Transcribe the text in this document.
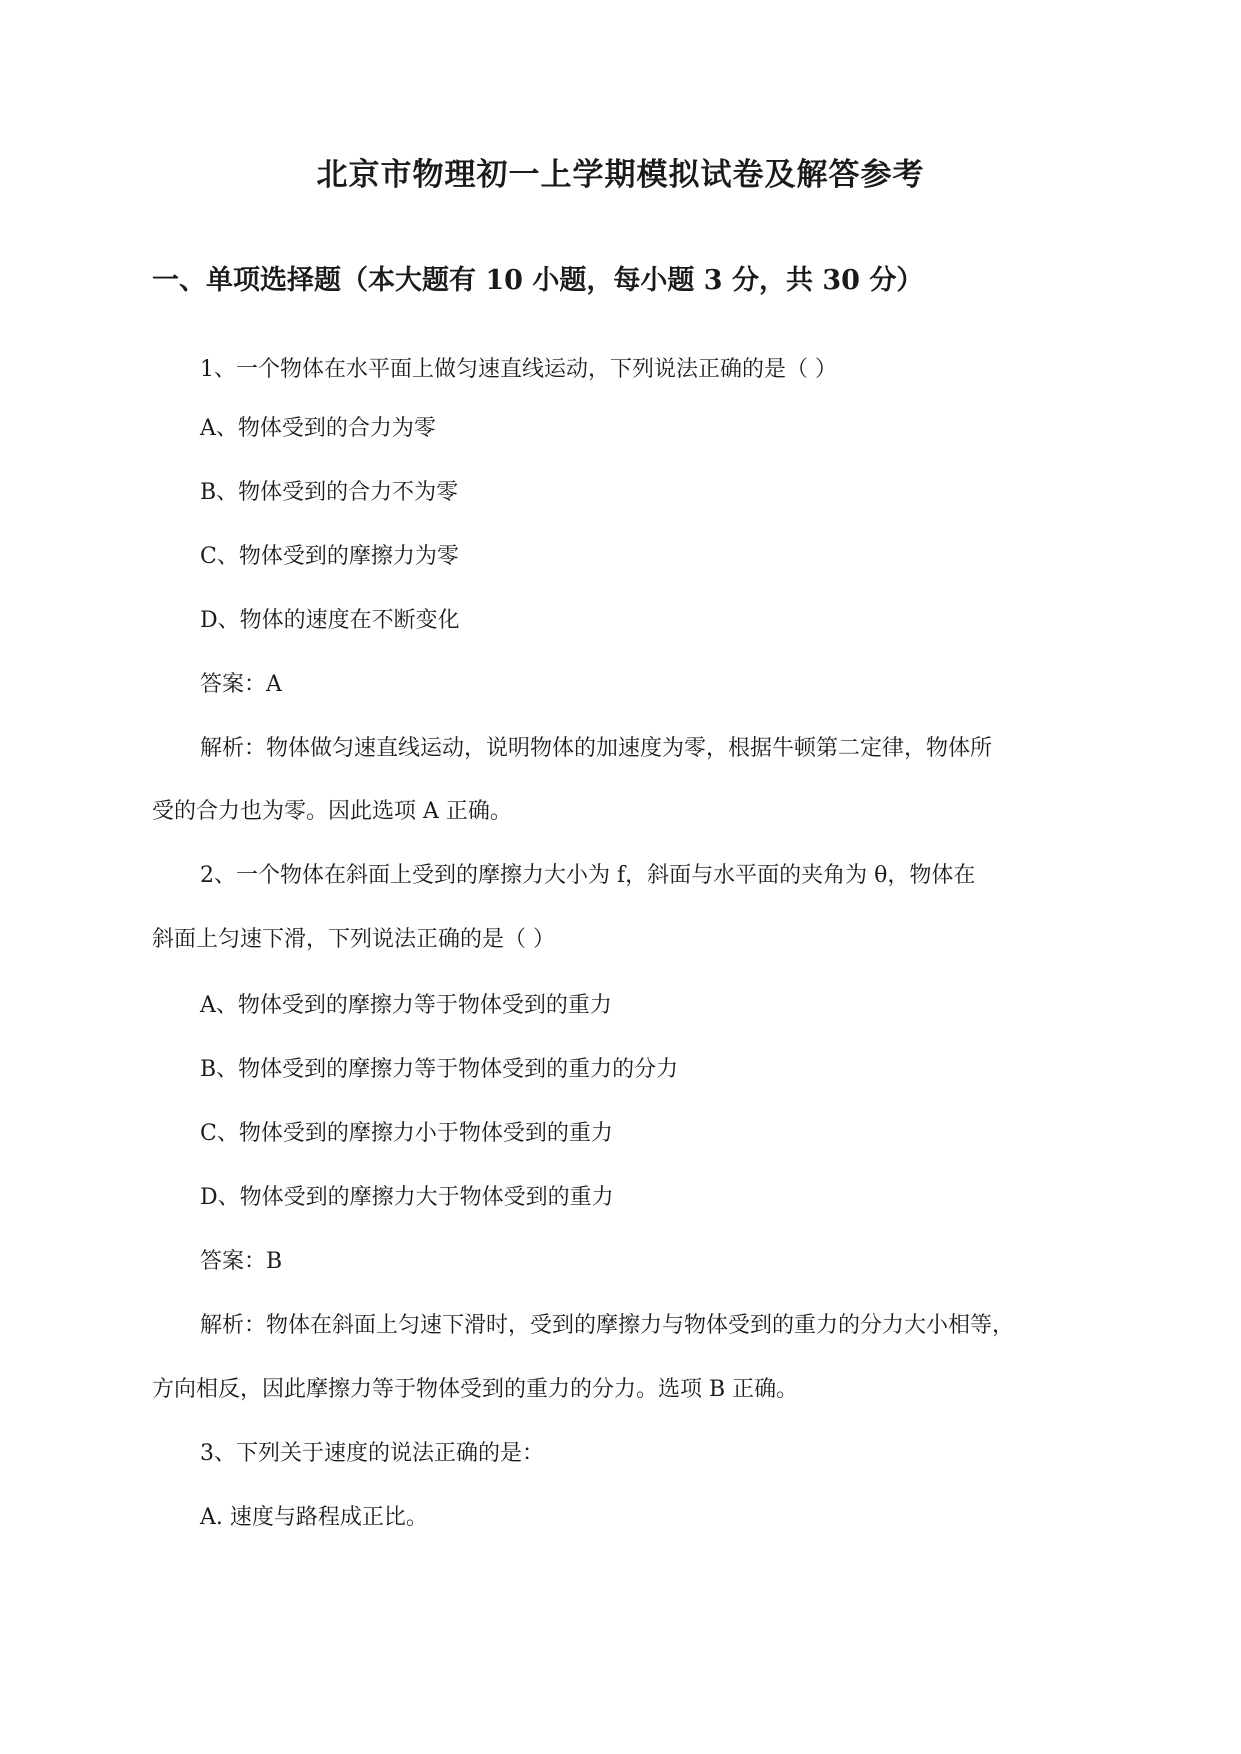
北京市物理初一上学期模拟试卷及解答参考
一、单项选择题（本大题有 10 小题，每小题 3 分，共 30 分）
1、一个物体在水平面上做匀速直线运动，下列说法正确的是（ ）
A、物体受到的合力为零
B、物体受到的合力不为零
C、物体受到的摩擦力为零
D、物体的速度在不断变化
答案：A
解析：物体做匀速直线运动，说明物体的加速度为零，根据牛顿第二定律，物体所
受的合力也为零。因此选项 A 正确。
2、一个物体在斜面上受到的摩擦力大小为 f，斜面与水平面的夹角为 θ，物体在
斜面上匀速下滑，下列说法正确的是（ ）
A、物体受到的摩擦力等于物体受到的重力
B、物体受到的摩擦力等于物体受到的重力的分力
C、物体受到的摩擦力小于物体受到的重力
D、物体受到的摩擦力大于物体受到的重力
答案：B
解析：物体在斜面上匀速下滑时，受到的摩擦力与物体受到的重力的分力大小相等，
方向相反，因此摩擦力等于物体受到的重力的分力。选项 B 正确。
3、下列关于速度的说法正确的是：
A. 速度与路程成正比。
